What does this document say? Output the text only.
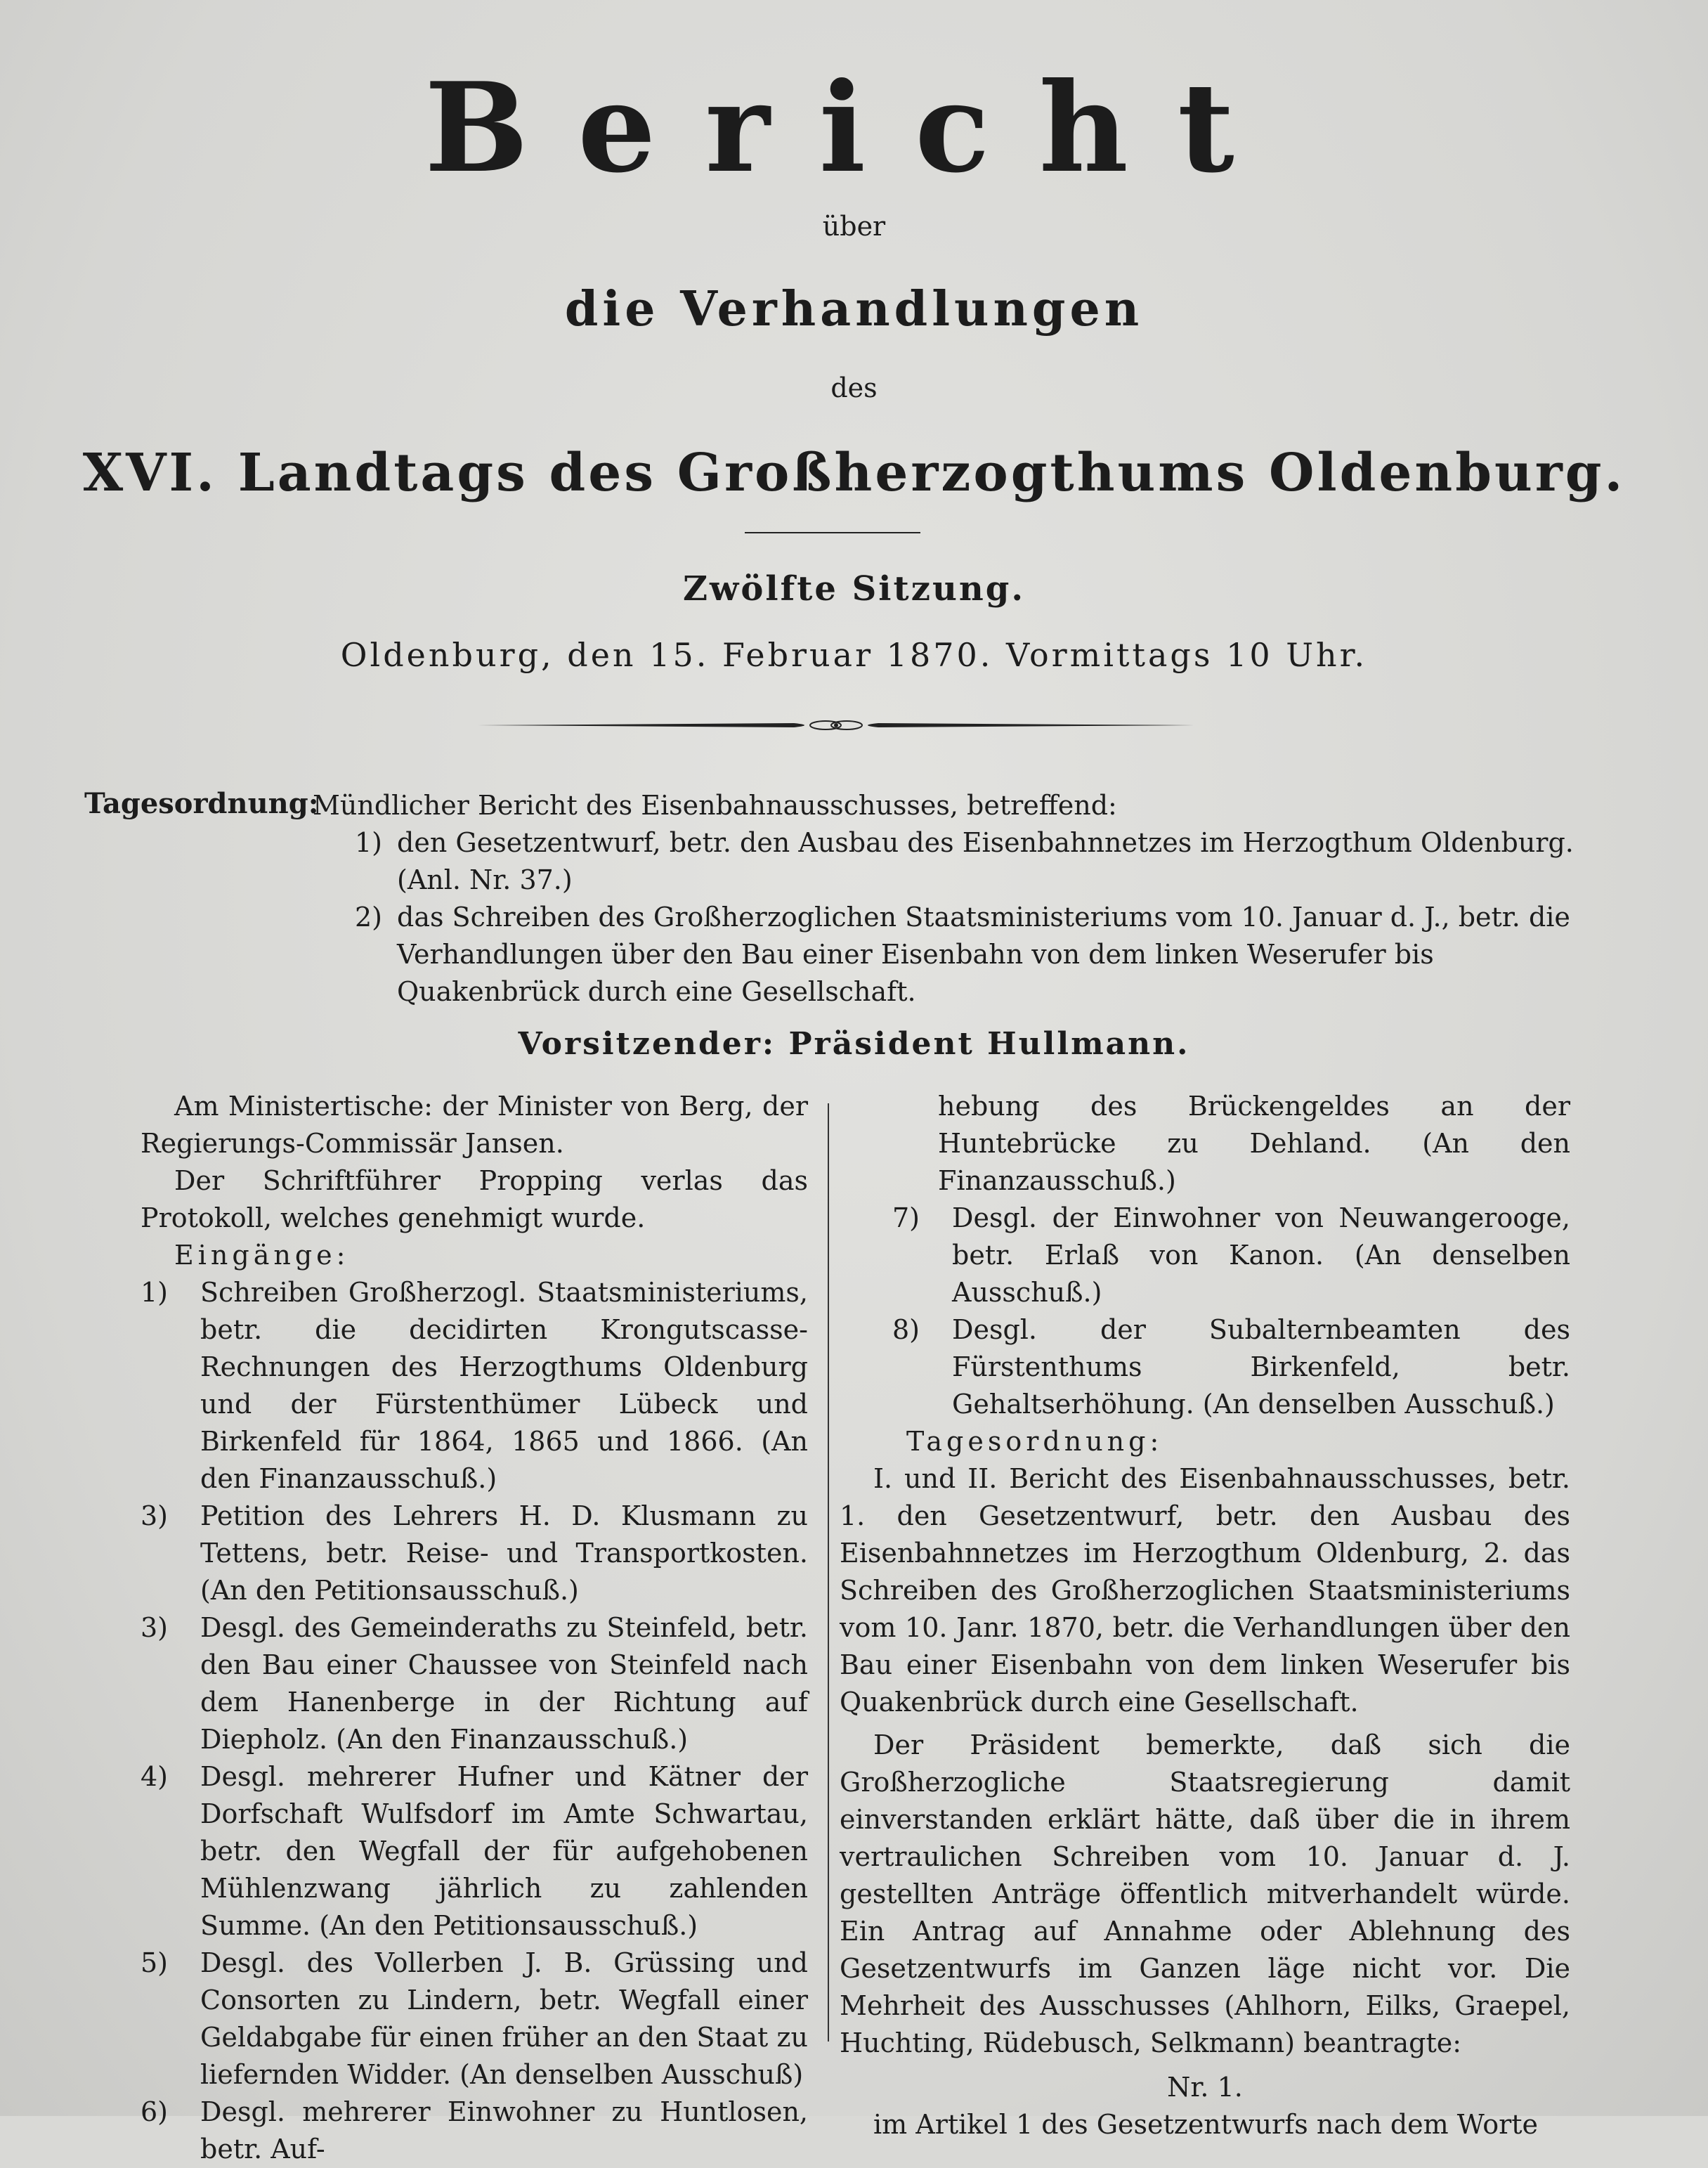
Bericht
über
die Verhandlungen
des
XVI. Landtags des Großherzogthums Oldenburg.
Zwölfte Sitzung.
Oldenburg, den 15. Februar 1870. Vormittags 10 Uhr.
Tagesordnung:

Mündlicher Bericht des Eisenbahnausschusses, betreffend:

1) den Gesetzentwurf, betr. den Ausbau des Eisenbahnnetzes im Herzogthum Oldenburg. (Anl. Nr. 37.)
2) das Schreiben des Großherzoglichen Staatsministeriums vom 10. Januar d. J., betr. die Verhandlungen über den Bau einer Eisenbahn von dem linken Weserufer bis Quakenbrück durch eine Gesellschaft.
Vorsitzender: Präsident Hullmann.

Am Ministertische: der Minister von Berg, der Regierungs-Commissär Jansen.

Der Schriftführer Propping verlas das Protokoll, welches genehmigt wurde.

Eingänge:

1)	Schreiben Großherzogl. Staatsministeriums, betr. die decidirten Krongutscasse-Rechnungen des Herzogthums Oldenburg und der Fürstenthümer Lübeck und Birkenfeld für 1864, 1865 und 1866. (An den Finanzausschuß.)
3)	Petition des Lehrers H. D. Klusmann zu Tettens, betr. Reise- und Transportkosten. (An den Petitionsausschuß.)
3)	Desgl. des Gemeinderaths zu Steinfeld, betr. den Bau einer Chaussee von Steinfeld nach dem Hanenberge in der Richtung auf Diepholz. (An den Finanzausschuß.)
4)	Desgl. mehrerer Hufner und Kätner der Dorfschaft Wulfsdorf im Amte Schwartau, betr. den Wegfall der für aufgehobenen Mühlenzwang jährlich zu zahlenden Summe. (An den Petitionsausschuß.)
5)	Desgl. des Vollerben J. B. Grüssing und Consorten zu Lindern, betr. Wegfall einer Geldabgabe für einen früher an den Staat zu liefernden Widder. (An denselben Ausschuß)
6)	Desgl. mehrerer Einwohner zu Huntlosen, betr. Auf-

hebung des Brückengeldes an der Huntebrücke zu Dehland. (An den Finanzausschuß.)

7)	Desgl. der Einwohner von Neuwangerooge, betr. Erlaß von Kanon. (An denselben Ausschuß.)
8)	Desgl. der Subalternbeamten des Fürstenthums Birkenfeld, betr. Gehaltserhöhung. (An denselben Ausschuß.)

Tagesordnung:

I. und II. Bericht des Eisenbahnausschusses, betr. 1. den Gesetzentwurf, betr. den Ausbau des Eisenbahnnetzes im Herzogthum Oldenburg, 2. das Schreiben des Großherzoglichen Staatsministeriums vom 10. Janr. 1870, betr. die Verhandlungen über den Bau einer Eisenbahn von dem linken Weserufer bis Quakenbrück durch eine Gesellschaft.

Der Präsident bemerkte, daß sich die Großherzogliche Staatsregierung damit einverstanden erklärt hätte, daß über die in ihrem vertraulichen Schreiben vom 10. Januar d. J. gestellten Anträge öffentlich mitverhandelt würde. Ein Antrag auf Annahme oder Ablehnung des Gesetzentwurfs im Ganzen läge nicht vor. Die Mehrheit des Ausschusses (Ahlhorn, Eilks, Graepel, Huchting, Rüdebusch, Selkmann) beantragte:

Nr. 1.

im Artikel 1 des Gesetzentwurfs nach dem Worte
